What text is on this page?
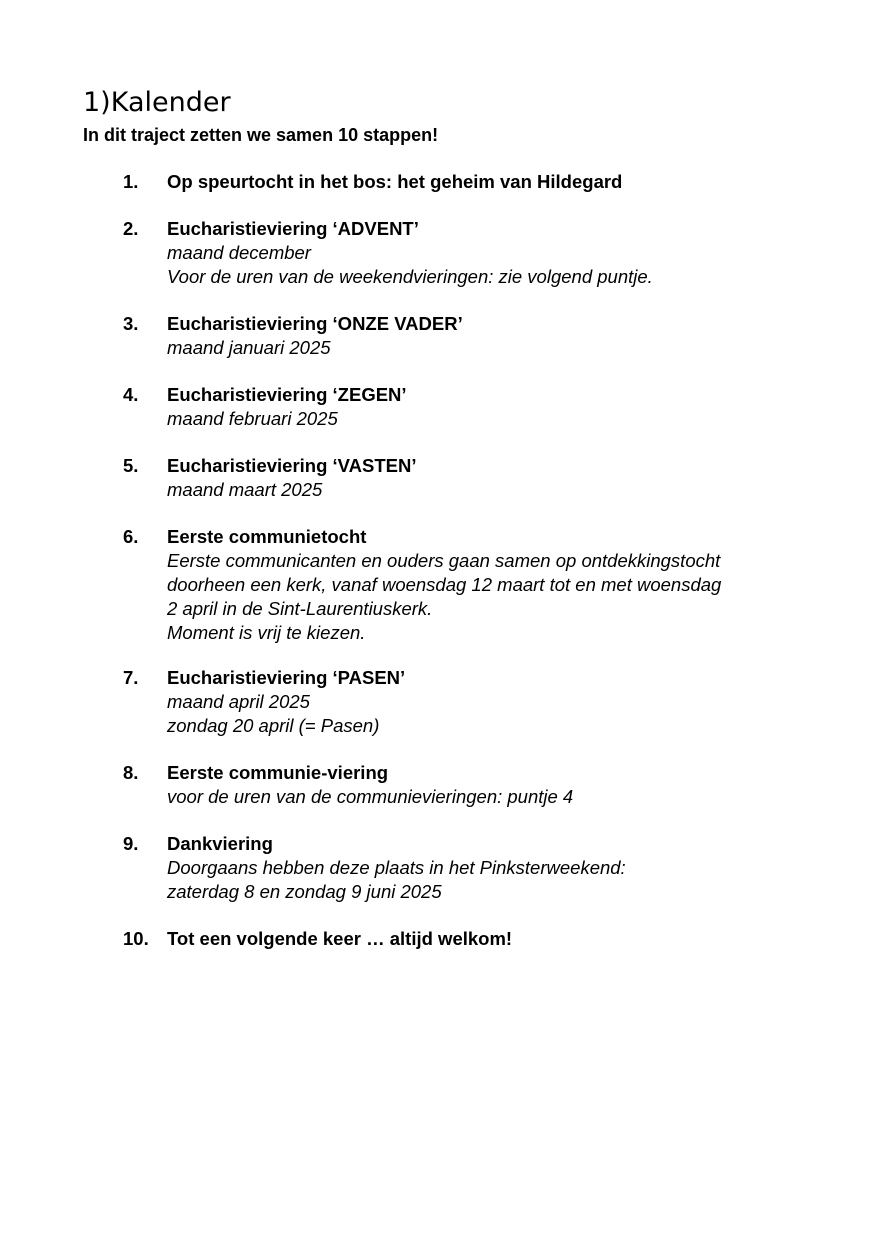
1)Kalender

In dit traject zetten we samen 10 stappen!

1. Op speurtocht in het bos: het geheim van Hildegard
2. Eucharistieviering ‘ADVENT’
maand december
Voor de uren van de weekendvieringen: zie volgend puntje.
3. Eucharistieviering ‘ONZE VADER’
maand januari 2025
4. Eucharistieviering ‘ZEGEN’
maand februari 2025
5. Eucharistieviering ‘VASTEN’
maand maart 2025
6. Eerste communietocht
Eerste communicanten en ouders gaan samen op ontdekkingstocht
doorheen een kerk, vanaf woensdag 12 maart tot en met woensdag
2 april in de Sint-Laurentiuskerk.
Moment is vrij te kiezen.
7. Eucharistieviering ‘PASEN’
maand april 2025
zondag 20 april (= Pasen)
8. Eerste communie-viering
voor de uren van de communievieringen: puntje 4
9. Dankviering
Doorgaans hebben deze plaats in het Pinksterweekend:
zaterdag 8 en zondag 9 juni 2025
10. Tot een volgende keer … altijd welkom!
